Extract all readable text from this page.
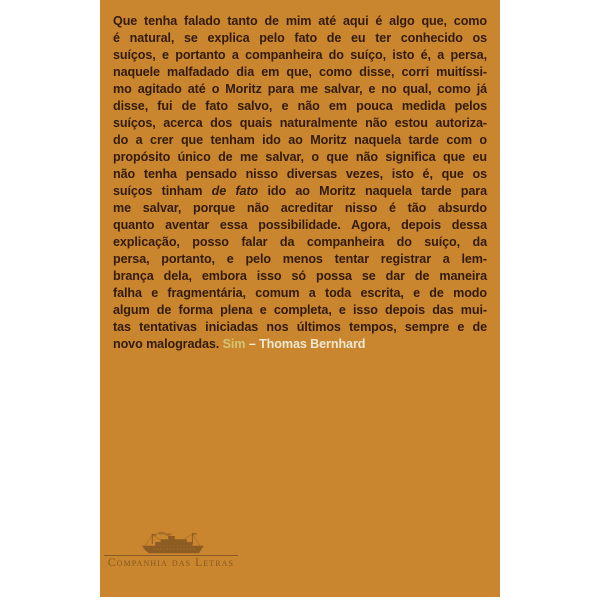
Que tenha falado tanto de mim até aqui é algo que, como
é natural, se explica pelo fato de eu ter conhecido os
suíços, e portanto a companheira do suíço, isto é, a persa,
naquele malfadado dia em que, como disse, corri muitíssi-
mo agitado até o Moritz para me salvar, e no qual, como já
disse, fui de fato salvo, e não em pouca medida pelos
suíços, acerca dos quais naturalmente não estou autoriza-
do a crer que tenham ido ao Moritz naquela tarde com o
propósito único de me salvar, o que não significa que eu
não tenha pensado nisso diversas vezes, isto é, que os
suíços tinham de fato ido ao Moritz naquela tarde para
me salvar, porque não acreditar nisso é tão absurdo
quanto aventar essa possibilidade. Agora, depois dessa
explicação, posso falar da companheira do suíço, da
persa, portanto, e pelo menos tentar registrar a lem-
brança dela, embora isso só possa se dar de maneira
falha e fragmentária, comum a toda escrita, e de modo
algum de forma plena e completa, e isso depois das mui-
tas tentativas iniciadas nos últimos tempos, sempre e de
novo malogradas. Sim – Thomas Bernhard
Companhia das Letras
